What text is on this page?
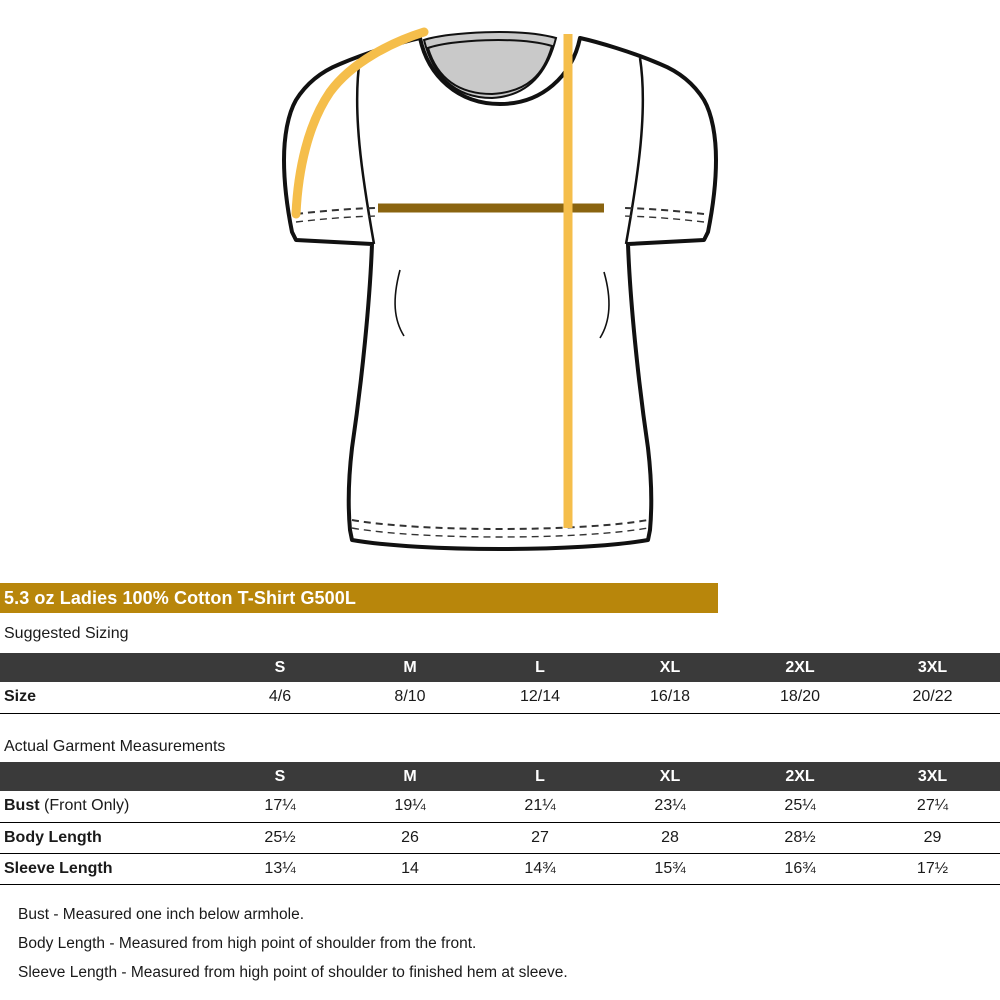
5.3 oz Ladies 100% Cotton T-Shirt G500L
Suggested Sizing
	S	M	L	XL	2XL	3XL
Size	4/6	8/10	12/14	16/18	18/20	20/22
Actual Garment Measurements
	S	M	L	XL	2XL	3XL
Bust (Front Only)	17¼	19¼	21¼	23¼	25¼	27¼
Body Length	25½	26	27	28	28½	29
Sleeve Length	13¼	14	14¾	15¾	16¾	17½
Bust - Measured one inch below armhole.
Body Length - Measured from high point of shoulder from the front.
Sleeve Length - Measured from high point of shoulder to finished hem at sleeve.
